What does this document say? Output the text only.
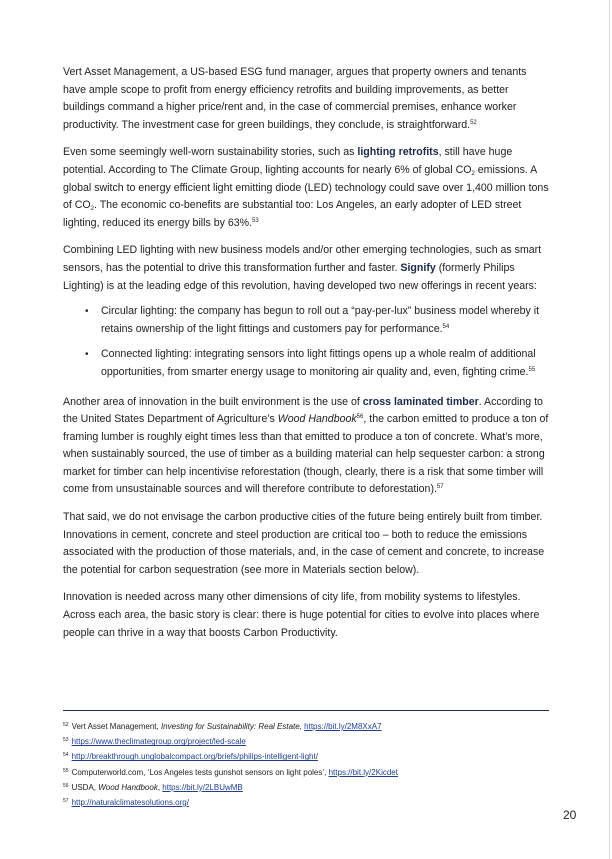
Vert Asset Management, a US-based ESG fund manager, argues that property owners and tenants have ample scope to profit from energy efficiency retrofits and building improvements, as better buildings command a higher price/rent and, in the case of commercial premises, enhance worker productivity. The investment case for green buildings, they conclude, is straightforward.$^{52}$

Even some seemingly well-worn sustainability stories, such as lighting retrofits, still have huge potential. According to The Climate Group, lighting accounts for nearly 6% of global $CO_2$ emissions. A global switch to energy efficient light emitting diode (LED) technology could save over 1,400 million tons of $CO_2$. The economic co-benefits are substantial too: Los Angeles, an early adopter of LED street lighting, reduced its energy bills by 63%.$^{53}$

Combining LED lighting with new business models and/or other emerging technologies, such as smart sensors, has the potential to drive this transformation further and faster. Signify (formerly Philips Lighting) is at the leading edge of this revolution, having developed two new offerings in recent years:

• Circular lighting: the company has begun to roll out a “pay-per-lux” business model whereby it retains ownership of the light fittings and customers pay for performance.$^{54}$
• Connected lighting: integrating sensors into light fittings opens up a whole realm of additional opportunities, from smarter energy usage to monitoring air quality and, even, fighting crime.$^{55}$

Another area of innovation in the built environment is the use of cross laminated timber. According to the United States Department of Agriculture’s Wood Handbook$^{56}$, the carbon emitted to produce a ton of framing lumber is roughly eight times less than that emitted to produce a ton of concrete. What’s more, when sustainably sourced, the use of timber as a building material can help sequester carbon: a strong market for timber can help incentivise reforestation (though, clearly, there is a risk that some timber will come from unsustainable sources and will therefore contribute to deforestation).$^{57}$

That said, we do not envisage the carbon productive cities of the future being entirely built from timber. Innovations in cement, concrete and steel production are critical too – both to reduce the emissions associated with the production of those materials, and, in the case of cement and concrete, to increase the potential for carbon sequestration (see more in Materials section below).

Innovation is needed across many other dimensions of city life, from mobility systems to lifestyles. Across each area, the basic story is clear: there is huge potential for cities to evolve into places where people can thrive in a way that boosts Carbon Productivity.

$^{52}$ Vert Asset Management, Investing for Sustainability: Real Estate, https://bit.ly/2M8XxA7
$^{53}$ https://www.theclimategroup.org/project/led-scale
$^{54}$ http://breakthrough.unglobalcompact.org/briefs/philips-intelligent-light/
$^{55}$ Computerworld.com, ‘Los Angeles tests gunshot sensors on light poles’, https://bit.ly/2Kicdet
$^{56}$ USDA, Wood Handbook, https://bit.ly/2LBUwMB
$^{57}$ http://naturalclimatesolutions.org/
20
